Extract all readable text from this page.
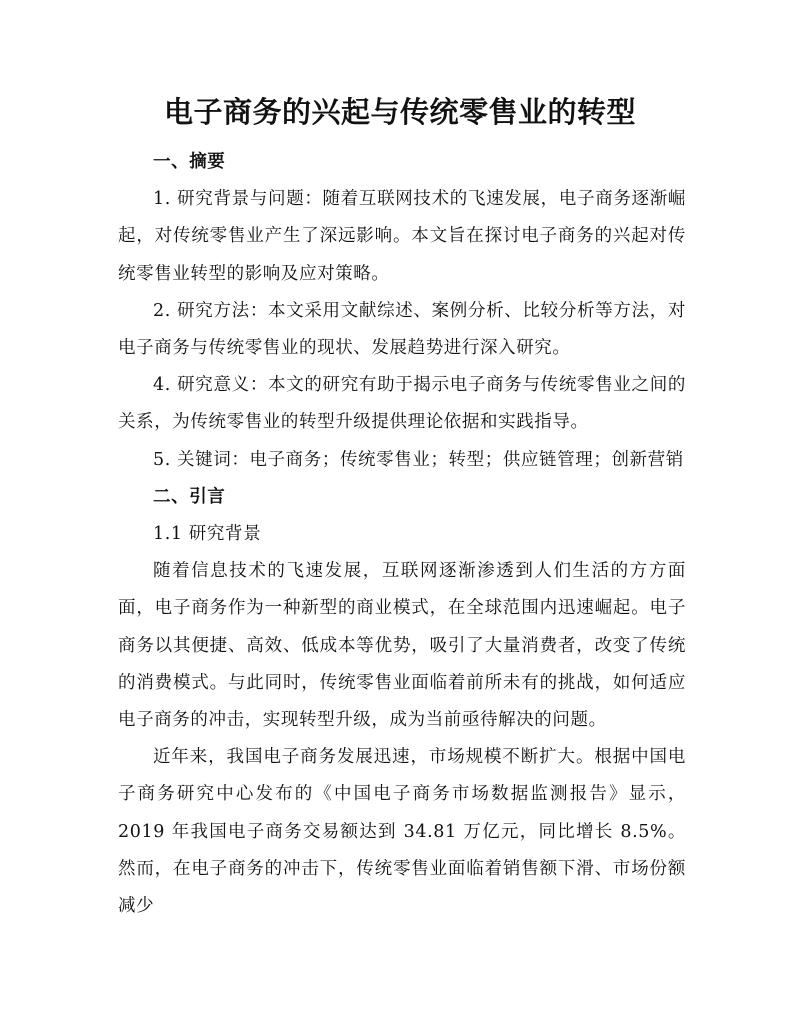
电子商务的兴起与传统零售业的转型
一、摘要

1. 研究背景与问题：随着互联网技术的飞速发展，电子商务逐渐崛起，对传统零售业产生了深远影响。本文旨在探讨电子商务的兴起对传统零售业转型的影响及应对策略。

2. 研究方法：本文采用文献综述、案例分析、比较分析等方法，对电子商务与传统零售业的现状、发展趋势进行深入研究。

4. 研究意义：本文的研究有助于揭示电子商务与传统零售业之间的关系，为传统零售业的转型升级提供理论依据和实践指导。

5. 关键词：电子商务；传统零售业；转型；供应链管理；创新营销

二、引言

1.1 研究背景

随着信息技术的飞速发展，互联网逐渐渗透到人们生活的方方面面，电子商务作为一种新型的商业模式，在全球范围内迅速崛起。电子商务以其便捷、高效、低成本等优势，吸引了大量消费者，改变了传统的消费模式。与此同时，传统零售业面临着前所未有的挑战，如何适应电子商务的冲击，实现转型升级，成为当前亟待解决的问题。

近年来，我国电子商务发展迅速，市场规模不断扩大。根据中国电子商务研究中心发布的《中国电子商务市场数据监测报告》显示，2019 年我国电子商务交易额达到 34.81 万亿元，同比增长 8.5%。然而，在电子商务的冲击下，传统零售业面临着销售额下滑、市场份额减少
